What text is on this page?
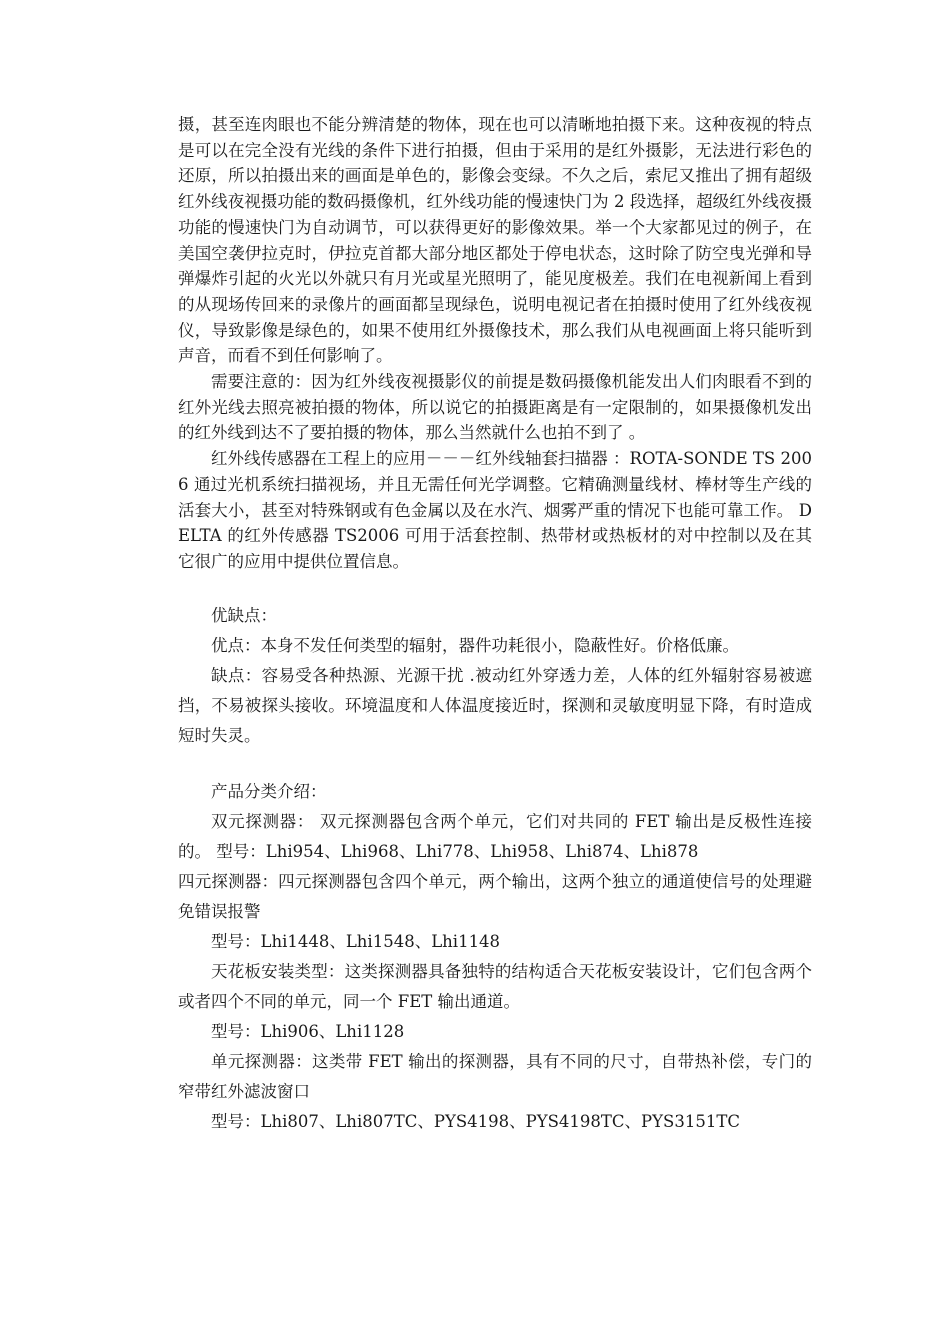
摄，甚至连肉眼也不能分辨清楚的物体，现在也可以清晰地拍摄下来。这种夜视的特点是可以在完全没有光线的条件下进行拍摄，但由于采用的是红外摄影，无法进行彩色的还原，所以拍摄出来的画面是单色的，影像会变绿。不久之后，索尼又推出了拥有超级红外线夜视摄功能的数码摄像机，红外线功能的慢速快门为 2 段选择，超级红外线夜摄功能的慢速快门为自动调节，可以获得更好的影像效果。举一个大家都见过的例子，在美国空袭伊拉克时，伊拉克首都大部分地区都处于停电状态，这时除了防空曳光弹和导弹爆炸引起的火光以外就只有月光或星光照明了，能见度极差。我们在电视新闻上看到的从现场传回来的录像片的画面都呈现绿色，说明电视记者在拍摄时使用了红外线夜视仪，导致影像是绿色的，如果不使用红外摄像技术，那么我们从电视画面上将只能听到声音，而看不到任何影响了。

需要注意的：因为红外线夜视摄影仪的前提是数码摄像机能发出人们肉眼看不到的红外光线去照亮被拍摄的物体，所以说它的拍摄距离是有一定限制的，如果摄像机发出的红外线到达不了要拍摄的物体，那么当然就什么也拍不到了 。

红外线传感器在工程上的应用－－－红外线轴套扫描器 ：ROTA-SONDE TS 2006 通过光机系统扫描视场，并且无需任何光学调整。它精确测量线材、棒材等生产线的活套大小，甚至对特殊钢或有色金属以及在水汽、烟雾严重的情况下也能可靠工作。 DELTA 的红外传感器 TS2006 可用于活套控制、热带材或热板材的对中控制以及在其它很广的应用中提供位置信息。

优缺点：

优点：本身不发任何类型的辐射，器件功耗很小，隐蔽性好。价格低廉。

缺点：容易受各种热源、光源干扰 .被动红外穿透力差，人体的红外辐射容易被遮挡，不易被探头接收。环境温度和人体温度接近时，探测和灵敏度明显下降，有时造成短时失灵。

产品分类介绍：

双元探测器： 双元探测器包含两个单元，它们对共同的 FET 输出是反极性连接的。 型号：Lhi954、Lhi968、Lhi778、Lhi958、Lhi874、Lhi878

四元探测器：四元探测器包含四个单元，两个输出，这两个独立的通道使信号的处理避免错误报警

型号：Lhi1448、Lhi1548、Lhi1148

天花板安装类型：这类探测器具备独特的结构适合天花板安装设计，它们包含两个或者四个不同的单元，同一个 FET 输出通道。

型号：Lhi906、Lhi1128

单元探测器：这类带 FET 输出的探测器，具有不同的尺寸，自带热补偿，专门的窄带红外滤波窗口

型号：Lhi807、Lhi807TC、PYS4198、PYS4198TC、PYS3151TC
